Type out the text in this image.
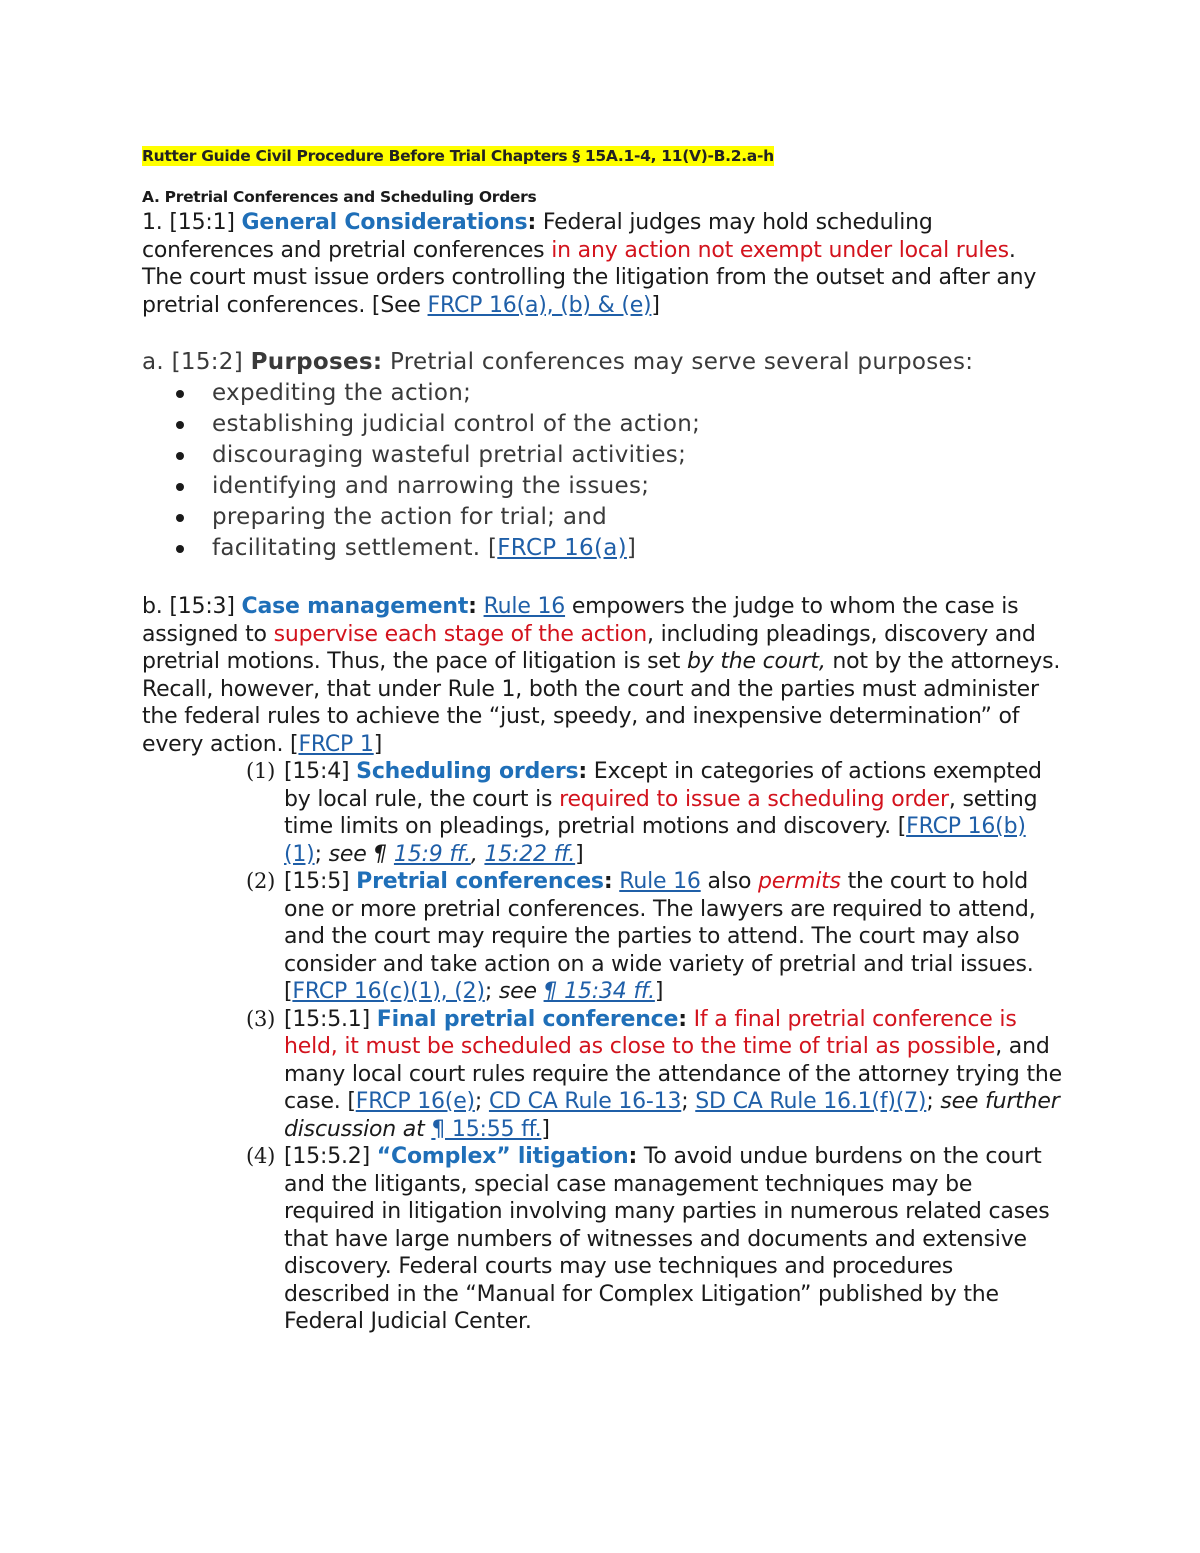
Rutter Guide Civil Procedure Before Trial Chapters § 15A.1-4, 11(V)-B.2.a-h
A. Pretrial Conferences and Scheduling Orders

1. [15:1] General Considerations: Federal judges may hold scheduling conferences and pretrial conferences in any action not exempt under local rules. The court must issue orders controlling the litigation from the outset and after any pretrial conferences. [See FRCP 16(a), (b) & (e)]

a. [15:2] Purposes: Pretrial conferences may serve several purposes:

expediting the action;
establishing judicial control of the action;
discouraging wasteful pretrial activities;
identifying and narrowing the issues;
preparing the action for trial; and
facilitating settlement. [FRCP 16(a)]

b. [15:3] Case management: Rule 16 empowers the judge to whom the case is assigned to supervise each stage of the action, including pleadings, discovery and pretrial motions. Thus, the pace of litigation is set by the court, not by the attorneys. Recall, however, that under Rule 1, both the court and the parties must administer the federal rules to achieve the “just, speedy, and inexpensive determination” of every action. [FRCP 1]

(1) [15:4] Scheduling orders: Except in categories of actions exempted by local rule, the court is required to issue a scheduling order, setting time limits on pleadings, pretrial motions and discovery. [FRCP 16(b)(1); see ¶ 15:9 ff., 15:22 ff.]
(2) [15:5] Pretrial conferences: Rule 16 also permits the court to hold one or more pretrial conferences. The lawyers are required to attend, and the court may require the parties to attend. The court may also consider and take action on a wide variety of pretrial and trial issues. [FRCP 16(c)(1), (2); see ¶ 15:34 ff.]
(3) [15:5.1] Final pretrial conference: If a final pretrial conference is held, it must be scheduled as close to the time of trial as possible, and many local court rules require the attendance of the attorney trying the case. [FRCP 16(e); CD CA Rule 16-13; SD CA Rule 16.1(f)(7); see further discussion at ¶ 15:55 ff.]
(4) [15:5.2] “Complex” litigation: To avoid undue burdens on the court and the litigants, special case management techniques may be required in litigation involving many parties in numerous related cases that have large numbers of witnesses and documents and extensive discovery. Federal courts may use techniques and procedures described in the “Manual for Complex Litigation” published by the Federal Judicial Center.
